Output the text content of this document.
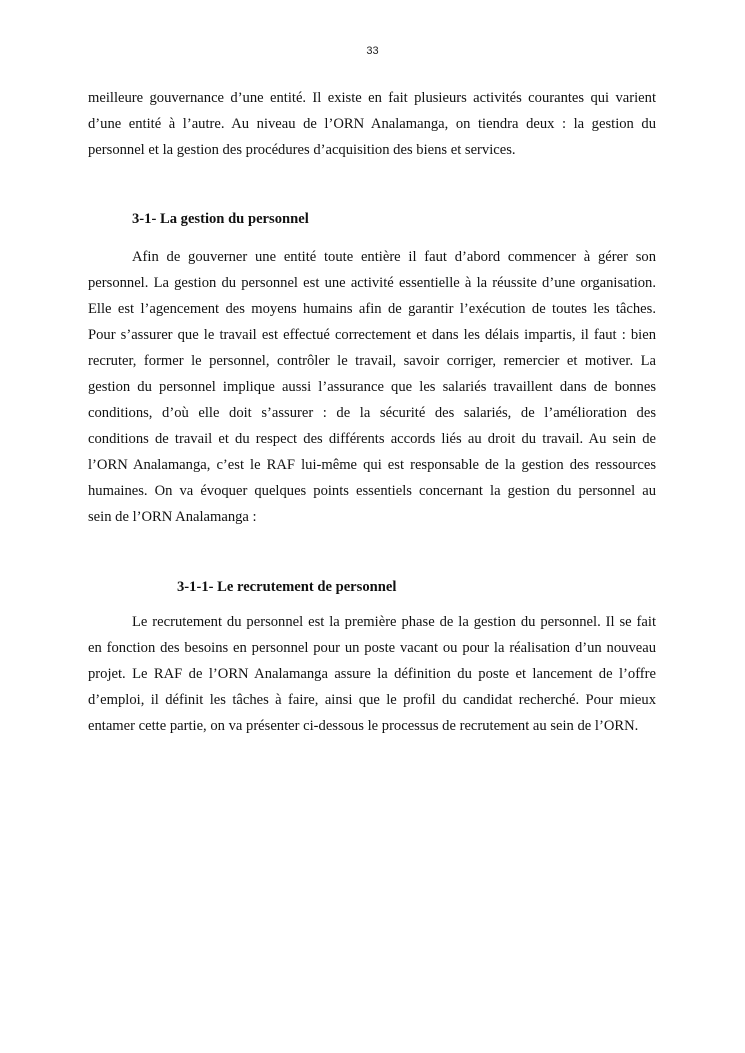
33
meilleure gouvernance d’une entité. Il existe en fait plusieurs activités courantes qui varient
d’une entité à l’autre. Au niveau de l’ORN Analamanga, on tiendra deux : la gestion du
personnel et la gestion des procédures d’acquisition des biens et services.
3-1- La gestion du personnel
Afin de gouverner une entité toute entière il faut d’abord commencer à gérer son
personnel. La gestion du personnel est une activité essentielle à la réussite d’une organisation.
Elle est l’agencement des moyens humains afin de garantir l’exécution de toutes les tâches.
Pour s’assurer que le travail est effectué correctement et dans les délais impartis, il faut : bien
recruter, former le personnel, contrôler le travail, savoir corriger, remercier et motiver. La
gestion du personnel implique aussi l’assurance que les salariés travaillent dans de bonnes
conditions, d’où elle doit s’assurer : de la sécurité des salariés, de l’amélioration des
conditions de travail et du respect des différents accords liés au droit du travail. Au sein de
l’ORN Analamanga, c’est le RAF lui-même qui est responsable de la gestion des ressources
humaines. On va évoquer quelques points essentiels concernant la gestion du personnel au
sein de l’ORN Analamanga :
3-1-1- Le recrutement de personnel
Le recrutement du personnel est la première phase de la gestion du personnel. Il se fait
en fonction des besoins en personnel pour un poste vacant ou pour la réalisation d’un nouveau
projet. Le RAF de l’ORN Analamanga assure la définition du poste et lancement de l’offre
d’emploi, il définit les tâches à faire, ainsi que le profil du candidat recherché. Pour mieux
entamer cette partie, on va présenter ci-dessous le processus de recrutement au sein de l’ORN.
